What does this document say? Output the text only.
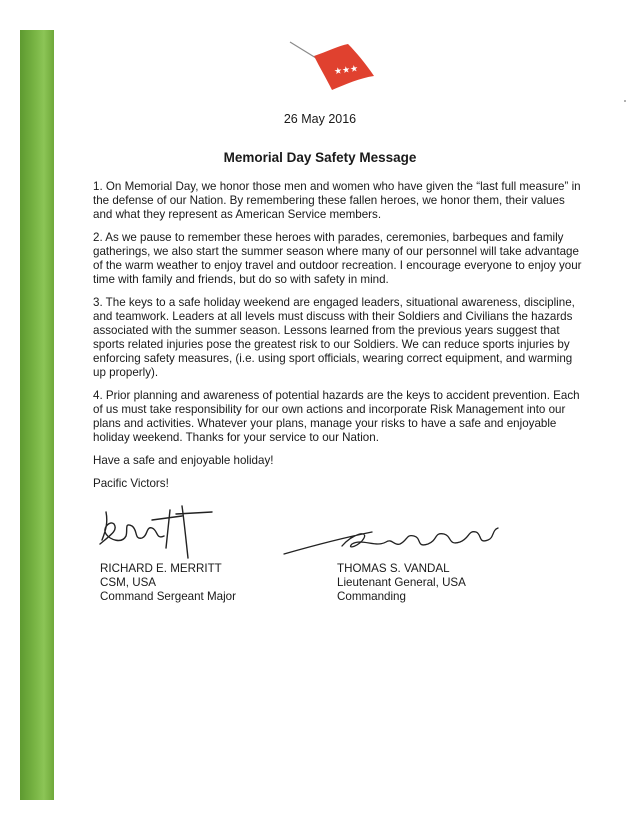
★★★
26 May 2016
Memorial Day Safety Message

1. On Memorial Day, we honor those men and women who have given the “last full measure” in the defense of our Nation. By remembering these fallen heroes, we honor them, their values and what they represent as American Service members.

2. As we pause to remember these heroes with parades, ceremonies, barbeques and family gatherings, we also start the summer season where many of our personnel will take advantage of the warm weather to enjoy travel and outdoor recreation. I encourage everyone to enjoy your time with family and friends, but do so with safety in mind.

3. The keys to a safe holiday weekend are engaged leaders, situational awareness, discipline, and teamwork. Leaders at all levels must discuss with their Soldiers and Civilians the hazards associated with the summer season. Lessons learned from the previous years suggest that sports related injuries pose the greatest risk to our Soldiers. We can reduce sports injuries by enforcing safety measures, (i.e. using sport officials, wearing correct equipment, and warming up properly).

4. Prior planning and awareness of potential hazards are the keys to accident prevention. Each of us must take responsibility for our own actions and incorporate Risk Management into our plans and activities. Whatever your plans, manage your risks to have a safe and enjoyable holiday weekend. Thanks for your service to our Nation.

Have a safe and enjoyable holiday!

Pacific Victors!

RICHARD E. MERRITT
CSM, USA
Command Sergeant Major
THOMAS S. VANDAL
Lieutenant General, USA
Commanding
